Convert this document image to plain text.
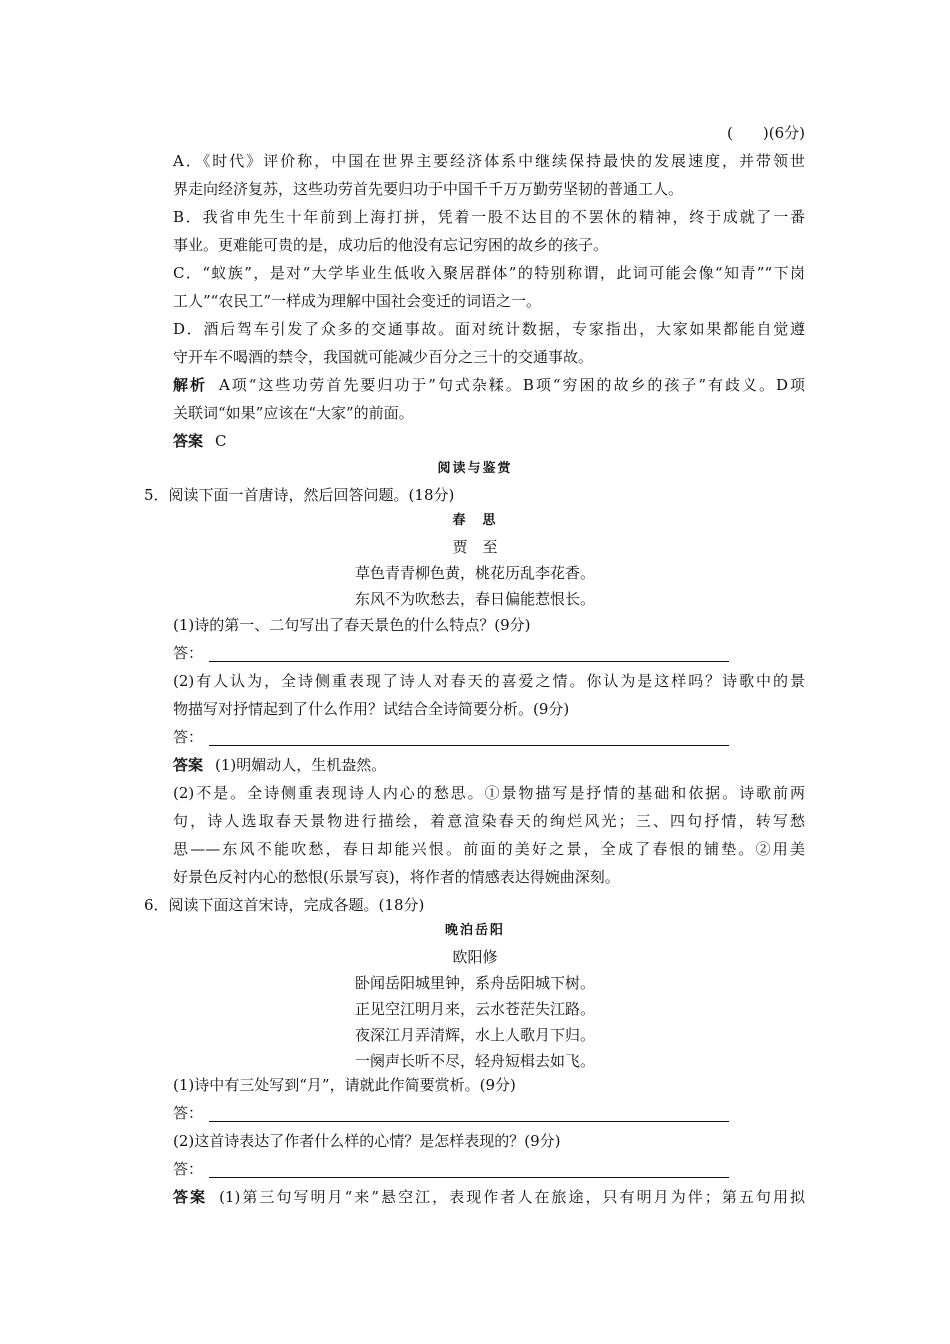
(　　)(6分)
A．《时代》评价称，中国在世界主要经济体系中继续保持最快的发展速度，并带领世
界走向经济复苏，这些功劳首先要归功于中国千千万万勤劳坚韧的普通工人。
B．我省申先生十年前到上海打拼，凭着一股不达目的不罢休的精神，终于成就了一番
事业。更难能可贵的是，成功后的他没有忘记穷困的故乡的孩子。
C．“蚁族”，是对“大学毕业生低收入聚居群体”的特别称谓，此词可能会像“知青”“下岗
工人”“农民工”一样成为理解中国社会变迁的词语之一。
D．酒后驾车引发了众多的交通事故。面对统计数据，专家指出，大家如果都能自觉遵
守开车不喝酒的禁令，我国就可能减少百分之三十的交通事故。
解析 A项“这些功劳首先要归功于”句式杂糅。B项“穷困的故乡的孩子”有歧义。D项
关联词“如果”应该在“大家”的前面。
答案 C
阅读与鉴赏
5．阅读下面一首唐诗，然后回答问题。(18分)
春　思
贾　至
草色青青柳色黄，桃花历乱李花香。
东风不为吹愁去，春日偏能惹恨长。
(1)诗的第一、二句写出了春天景色的什么特点？(9分)
答：
(2)有人认为，全诗侧重表现了诗人对春天的喜爱之情。你认为是这样吗？诗歌中的景
物描写对抒情起到了什么作用？试结合全诗简要分析。(9分)
答：
答案 (1)明媚动人，生机盎然。
(2)不是。全诗侧重表现诗人内心的愁思。①景物描写是抒情的基础和依据。诗歌前两
句，诗人选取春天景物进行描绘，着意渲染春天的绚烂风光；三、四句抒情，转写愁
思——东风不能吹愁，春日却能兴恨。前面的美好之景，全成了春恨的铺垫。②用美
好景色反衬内心的愁恨(乐景写哀)，将作者的情感表达得婉曲深刻。
6．阅读下面这首宋诗，完成各题。(18分)
晚泊岳阳
欧阳修
卧闻岳阳城里钟，系舟岳阳城下树。
正见空江明月来，云水苍茫失江路。
夜深江月弄清辉，水上人歌月下归。
一阕声长听不尽，轻舟短楫去如飞。
(1)诗中有三处写到“月”，请就此作简要赏析。(9分)
答：
(2)这首诗表达了作者什么样的心情？是怎样表现的？(9分)
答：
答案 (1)第三句写明月“来”悬空江，表现作者人在旅途，只有明月为伴；第五句用拟
